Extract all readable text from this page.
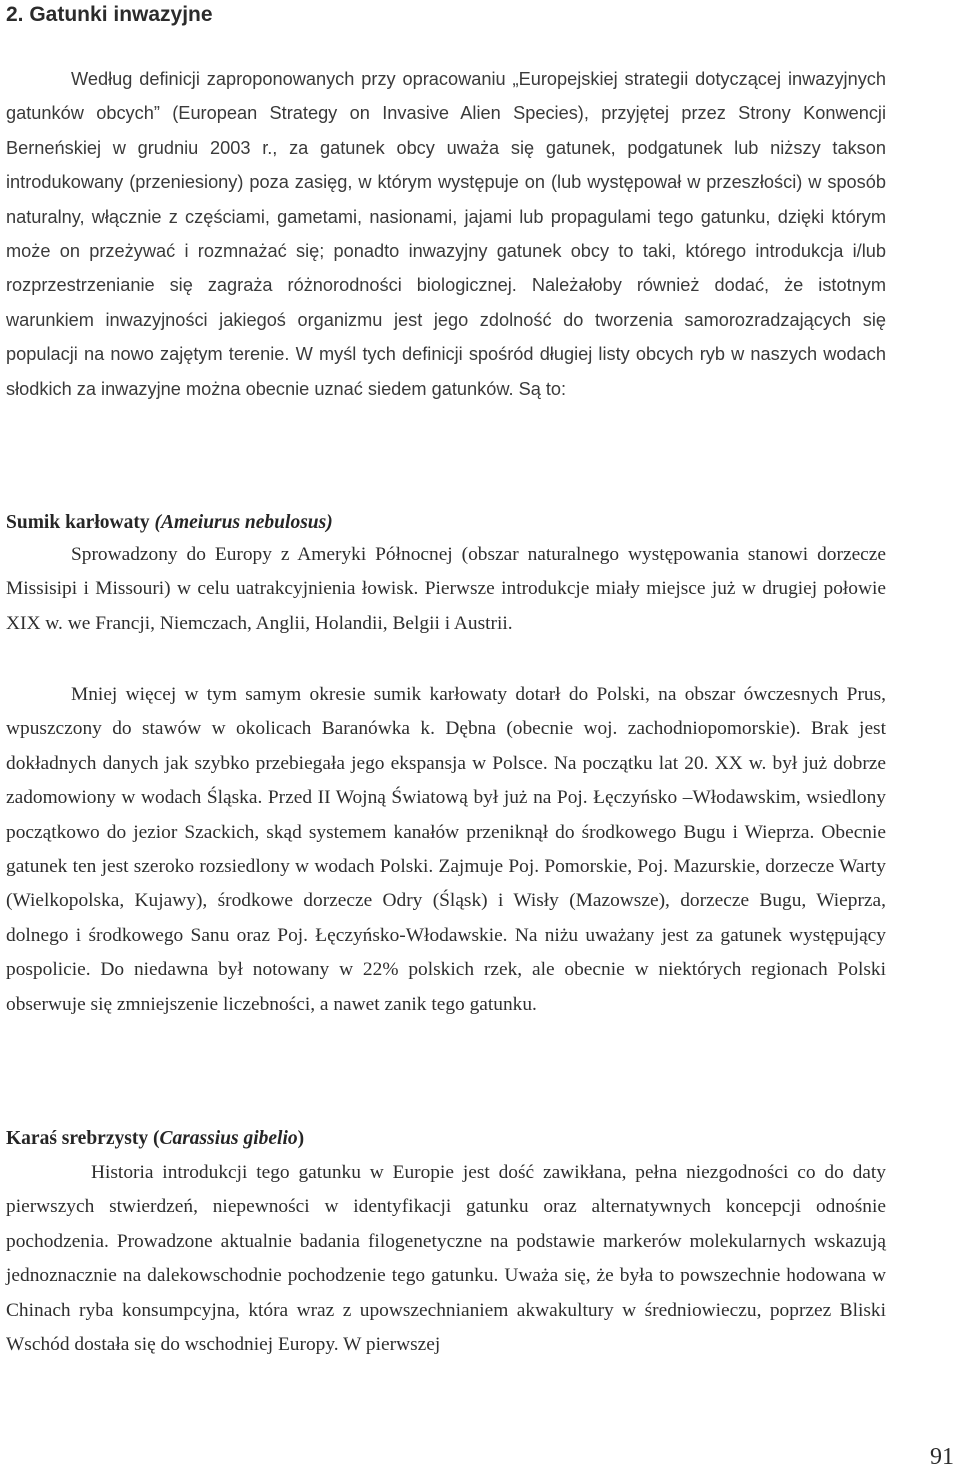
2. Gatunki inwazyjne

Według definicji zaproponowanych przy opracowaniu „Europejskiej strategii dotyczącej inwazyjnych gatunków obcych” (European Strategy on Invasive Alien Species), przyjętej przez Strony Konwencji Berneńskiej w grudniu 2003 r., za gatunek obcy uważa się gatunek, podgatunek lub niższy takson introdukowany (przeniesiony) poza zasięg, w którym występuje on (lub występował w przeszłości) w sposób naturalny, włącznie z częściami, gametami, nasionami, jajami lub propagulami tego gatunku, dzięki którym może on przeżywać i rozmnażać się; ponadto inwazyjny gatunek obcy to taki, którego introdukcja i/lub rozprzestrzenianie się zagraża różnorodności biologicznej. Należałoby również dodać, że istotnym warunkiem inwazyjności jakiegoś organizmu jest jego zdolność do tworzenia samorozradzających się populacji na nowo zajętym terenie. W myśl tych definicji spośród długiej listy obcych ryb w naszych wodach słodkich za inwazyjne można obecnie uznać siedem gatunków. Są to:

Sumik karłowaty (Ameiurus nebulosus)

Sprowadzony do Europy z Ameryki Północnej (obszar naturalnego występowania stanowi dorzecze Missisipi i Missouri) w celu uatrakcyjnienia łowisk. Pierwsze introdukcje miały miejsce już w drugiej połowie XIX w. we Francji, Niemczach, Anglii, Holandii, Belgii i Austrii.

Mniej więcej w tym samym okresie sumik karłowaty dotarł do Polski, na obszar ówczesnych Prus, wpuszczony do stawów w okolicach Baranówka k. Dębna (obecnie woj. zachodniopomorskie). Brak jest dokładnych danych jak szybko przebiegała jego ekspansja w Polsce. Na początku lat 20. XX w. był już dobrze zadomowiony w wodach Śląska. Przed II Wojną Światową był już na Poj. Łęczyńsko –Włodawskim, wsiedlony początkowo do jezior Szackich, skąd systemem kanałów przeniknął do środkowego Bugu i Wieprza. Obecnie gatunek ten jest szeroko rozsiedlony w wodach Polski. Zajmuje Poj. Pomorskie, Poj. Mazurskie, dorzecze Warty (Wielkopolska, Kujawy), środkowe dorzecze Odry (Śląsk) i Wisły (Mazowsze), dorzecze Bugu, Wieprza, dolnego i środkowego Sanu oraz Poj. Łęczyńsko-Włodawskie. Na niżu uważany jest za gatunek występujący pospolicie. Do niedawna był notowany w 22% polskich rzek, ale obecnie w niektórych regionach Polski obserwuje się zmniejszenie liczebności, a nawet zanik tego gatunku.

Karaś srebrzysty (Carassius gibelio)

Historia introdukcji tego gatunku w Europie jest dość zawikłana, pełna niezgodności co do daty pierwszych stwierdzeń, niepewności w identyfikacji gatunku oraz alternatywnych koncepcji odnośnie pochodzenia. Prowadzone aktualnie badania filogenetyczne na podstawie markerów molekularnych wskazują jednoznacznie na dalekowschodnie pochodzenie tego gatunku. Uważa się, że była to powszechnie hodowana w Chinach ryba konsumpcyjna, która wraz z upowszechnianiem akwakultury w średniowieczu, poprzez Bliski Wschód dostała się do wschodniej Europy. W pierwszej

91
